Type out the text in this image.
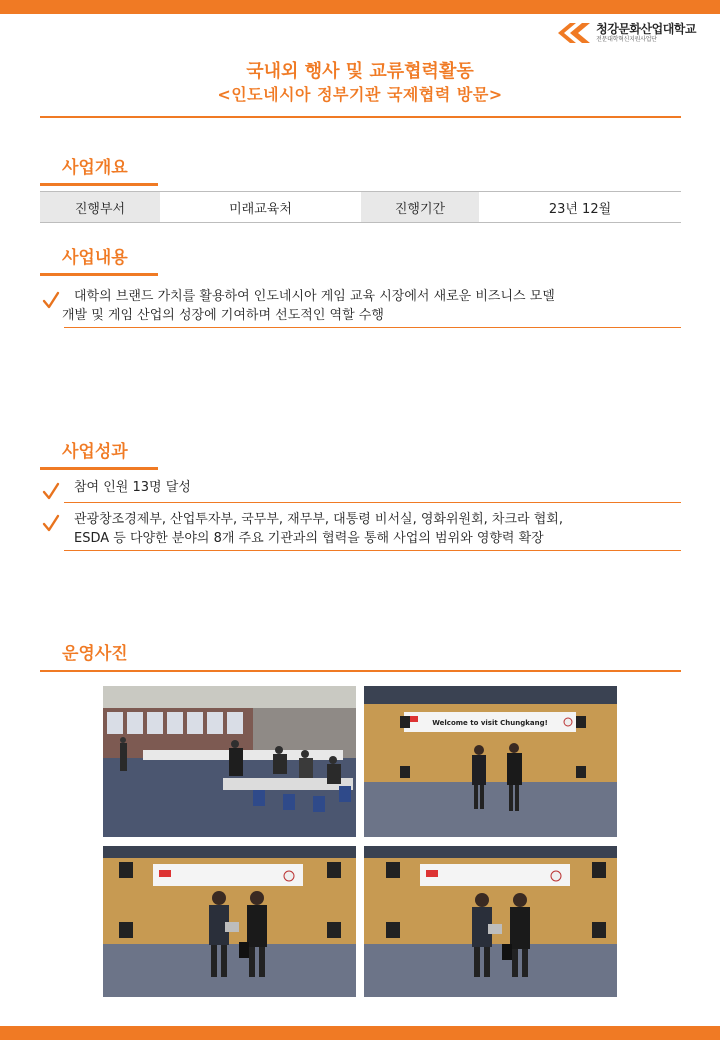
청강문화산업대학교
전문대학혁신지원사업단
국내외 행사 및 교류협력활동
<인도네시아 정부기관 국제협력 방문>
사업개요
진행부서	미래교육처	진행기간	23년 12월
사업내용
대학의 브랜드 가치를 활용하여 인도네시아 게임 교육 시장에서 새로운 비즈니스 모델
개발 및 게임 산업의 성장에 기여하며 선도적인 역할 수행
사업성과
참여 인원 13명 달성
관광창조경제부, 산업투자부, 국무부, 재무부, 대통령 비서실, 영화위원회, 차크라 협회,
ESDA 등 다양한 분야의 8개 주요 기관과의 협력을 통해 사업의 범위와 영향력 확장
운영사진
Welcome to visit Chungkang!
